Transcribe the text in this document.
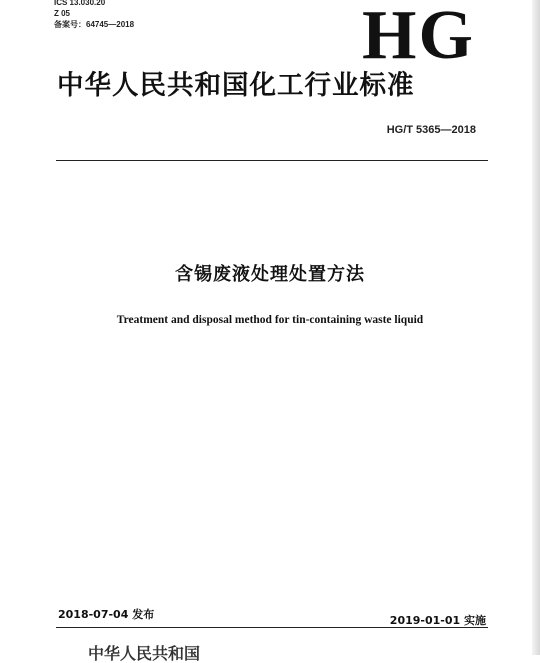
ICS 13.030.20
Z 05
备案号：64745—2018	HG
中华人民共和国化工行业标准
HG/T 5365—2018
含锡废液处理处置方法
Treatment and disposal method for tin-containing waste liquid
2018-07-04 发布	2019-01-01 实施
中华人民共和国
